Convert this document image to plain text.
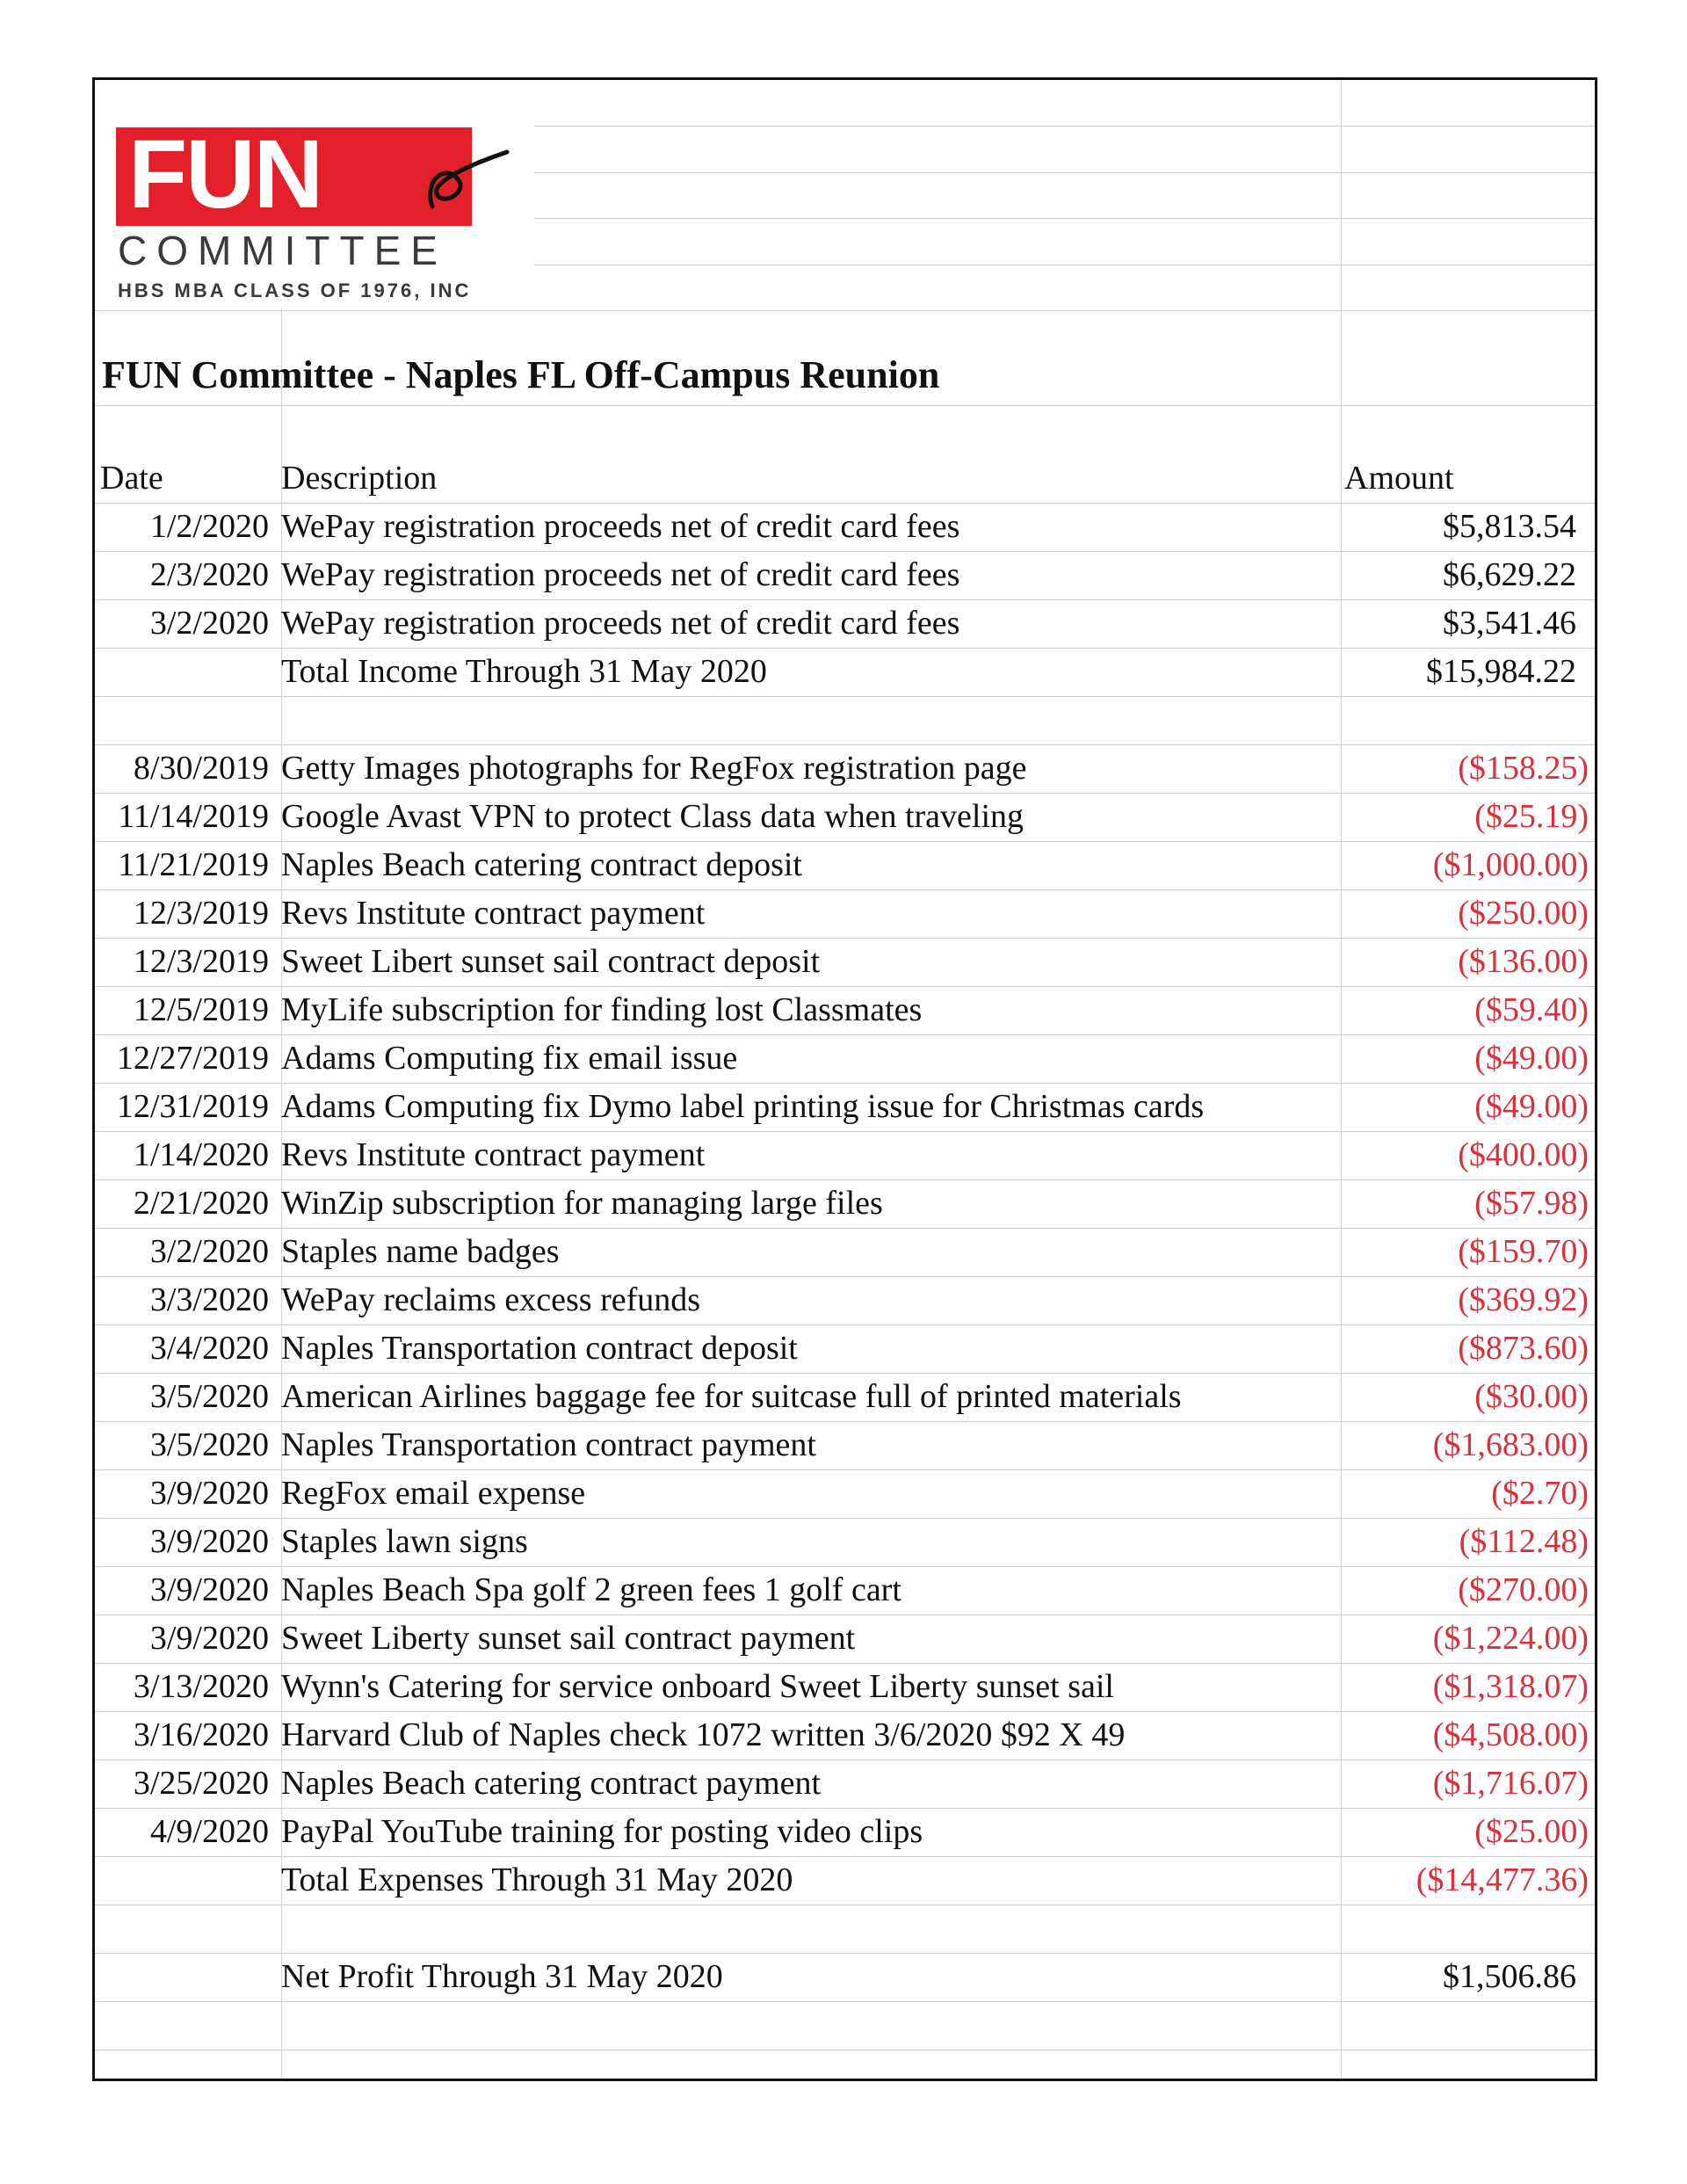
FUN
COMMITTEE
HBS MBA CLASS OF 1976, INC
FUN Committee - Naples FL Off-Campus Reunion
Date	Description	Amount
1/2/2020 WePay registration proceeds net of credit card fees	$5,813.54
2/3/2020 WePay registration proceeds net of credit card fees	$6,629.22
3/2/2020 WePay registration proceeds net of credit card fees	$3,541.46
Total Income Through 31 May 2020	$15,984.22
8/30/2019 Getty Images photographs for RegFox registration page	($158.25)
11/14/2019 Google Avast VPN to protect Class data when traveling	($25.19)
11/21/2019 Naples Beach catering contract deposit	($1,000.00)
12/3/2019 Revs Institute contract payment	($250.00)
12/3/2019 Sweet Libert sunset sail contract deposit	($136.00)
12/5/2019 MyLife subscription for finding lost Classmates	($59.40)
12/27/2019 Adams Computing fix email issue	($49.00)
12/31/2019 Adams Computing fix Dymo label printing issue for Christmas cards	($49.00)
1/14/2020 Revs Institute contract payment	($400.00)
2/21/2020 WinZip subscription for managing large files	($57.98)
3/2/2020 Staples name badges	($159.70)
3/3/2020 WePay reclaims excess refunds	($369.92)
3/4/2020 Naples Transportation contract deposit	($873.60)
3/5/2020 American Airlines baggage fee for suitcase full of printed materials	($30.00)
3/5/2020 Naples Transportation contract payment	($1,683.00)
3/9/2020 RegFox email expense	($2.70)
3/9/2020 Staples lawn signs	($112.48)
3/9/2020 Naples Beach Spa golf 2 green fees 1 golf cart	($270.00)
3/9/2020 Sweet Liberty sunset sail contract payment	($1,224.00)
3/13/2020 Wynn's Catering for service onboard Sweet Liberty sunset sail	($1,318.07)
3/16/2020 Harvard Club of Naples check 1072 written 3/6/2020 $92 X 49	($4,508.00)
3/25/2020 Naples Beach catering contract payment	($1,716.07)
4/9/2020 PayPal YouTube training for posting video clips	($25.00)
Total Expenses Through 31 May 2020	($14,477.36)
Net Profit Through 31 May 2020	$1,506.86
